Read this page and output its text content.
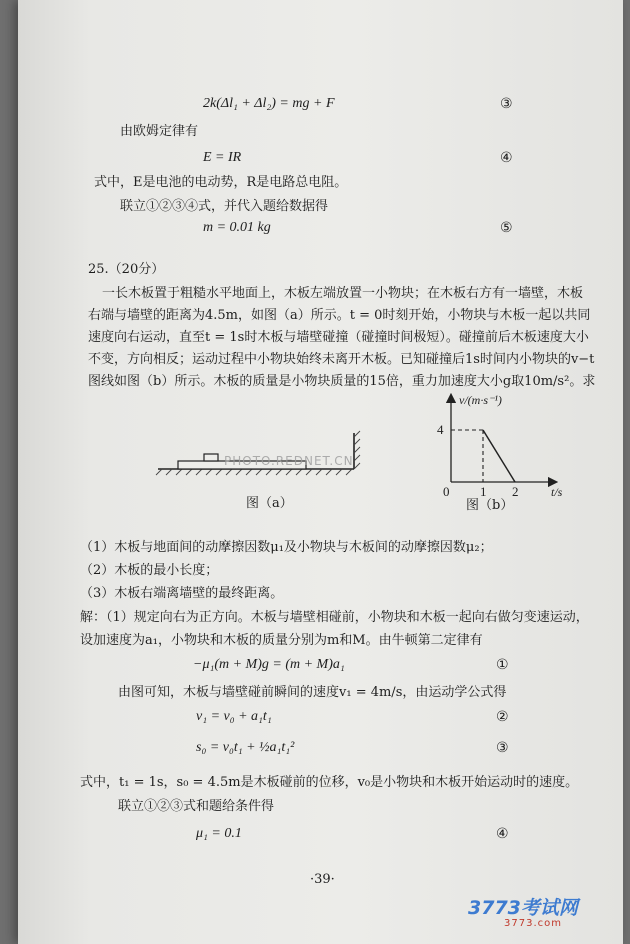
2k(Δl₁ + Δl₂) = mg + F	③
由欧姆定律有
E = IR	④
式中，E是电池的电动势，R是电路总电阻。
联立①②③④式，并代入题给数据得
m = 0.01 kg	⑤
25.（20分）
一长木板置于粗糙水平地面上，木板左端放置一小物块；在木板右方有一墙壁，木板
右端与墙壁的距离为4.5m，如图（a）所示。t = 0时刻开始，小物块与木板一起以共同
速度向右运动，直至t = 1s时木板与墙壁碰撞（碰撞时间极短）。碰撞前后木板速度大小
不变，方向相反；运动过程中小物块始终未离开木板。已知碰撞后1s时间内小物块的v−t
图线如图（b）所示。木板的质量是小物块质量的15倍，重力加速度大小g取10m/s²。求
PHOTO.REDNET.CN
图（a）
4
1 2
0	t/s
v/(m·s⁻¹)
图（b）
（1）木板与地面间的动摩擦因数μ₁及小物块与木板间的动摩擦因数μ₂；
（2）木板的最小长度；
（3）木板右端离墙壁的最终距离。
解：（1）规定向右为正方向。木板与墙壁相碰前，小物块和木板一起向右做匀变速运动，
设加速度为a₁，小物块和木板的质量分别为m和M。由牛顿第二定律有
−μ₁(m + M)g = (m + M)a₁	①
由图可知，木板与墙壁碰前瞬间的速度v₁ = 4m/s，由运动学公式得
v₁ = v₀ + a₁t₁	②
s₀ = v₀t₁ + ½a₁t₁²	③
式中，t₁ = 1s，s₀ = 4.5m是木板碰前的位移，v₀是小物块和木板开始运动时的速度。
联立①②③式和题给条件得
μ₁ = 0.1	④
·39·
3773考试网
3773.com
